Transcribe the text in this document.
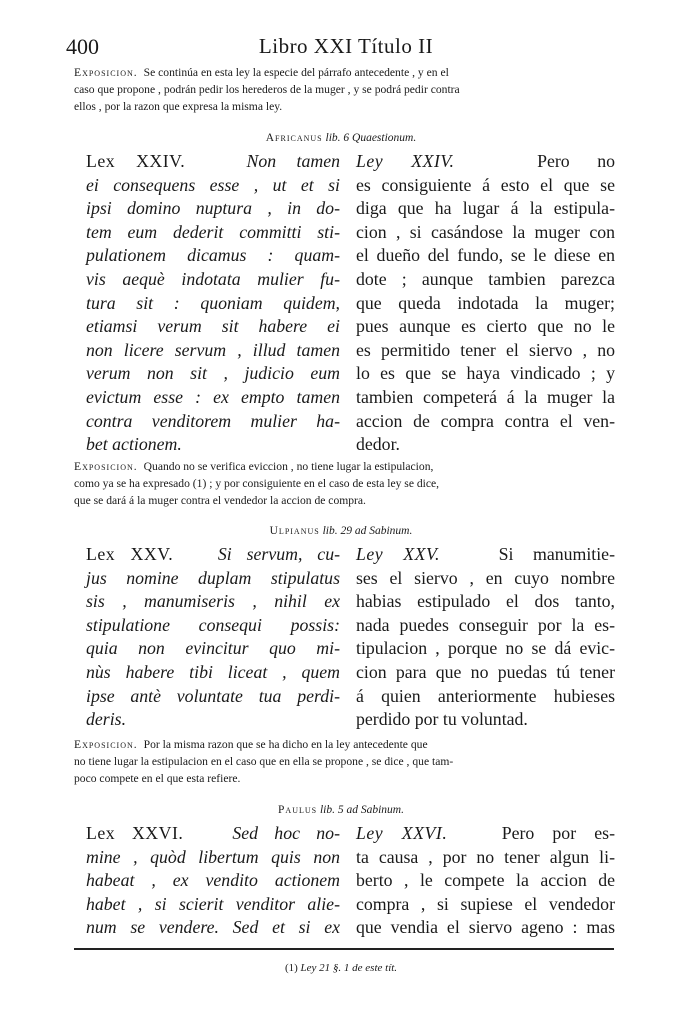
400	Libro XXI Título II
Exposicion. Se continúa en esta ley la especie del párrafo antecedente , y en el
caso que propone , podrán pedir los herederos de la muger , y se podrá pedir contra
ellos , por la razon que expresa la misma ley.
Africanus lib. 6 Quaestionum.
Lex XXIV.	Non tamen
ei consequens esse , ut et si
ipsi domino nuptura , in do-
tem eum dederit committi sti-
pulationem dicamus : quam-
vis aequè indotata mulier fu-
tura sit : quoniam quidem,
etiamsi verum sit habere ei
non licere servum , illud tamen
verum non sit , judicio eum
evictum esse : ex empto tamen
contra venditorem mulier ha-
bet actionem.
Ley XXIV.	Pero no
es consiguiente á esto el que se
diga que ha lugar á la estipula-
cion , si casándose la muger con
el dueño del fundo, se le diese en
dote ; aunque tambien parezca
que queda indotada la muger;
pues aunque es cierto que no le
es permitido tener el siervo , no
lo es que se haya vindicado ; y
tambien competerá á la muger la
accion de compra contra el ven-
dedor.
Exposicion. Quando no se verifica eviccion , no tiene lugar la estipulacion,
como ya se ha expresado (1) ; y por consiguiente en el caso de esta ley se dice,
que se dará á la muger contra el vendedor la accion de compra.
Ulpianus lib. 29 ad Sabinum.
Lex XXV.	Si servum, cu-
jus nomine duplam stipulatus
sis , manumiseris , nihil ex
stipulatione consequi possis:
quia non evincitur quo mi-
nùs habere tibi liceat , quem
ipse antè voluntate tua perdi-
deris.
Ley XXV.	Si manumitie-
ses el siervo , en cuyo nombre
habias estipulado el dos tanto,
nada puedes conseguir por la es-
tipulacion , porque no se dá evic-
cion para que no puedas tú tener
á quien anteriormente hubieses
perdido por tu voluntad.
Exposicion. Por la misma razon que se ha dicho en la ley antecedente que
no tiene lugar la estipulacion en el caso que en ella se propone , se dice , que tam-
poco compete en el que esta refiere.
Paulus lib. 5 ad Sabinum.
Lex XXVI.	Sed hoc no-
mine , quòd libertum quis non
habeat , ex vendito actionem
habet , si scierit venditor alie-
num se vendere. Sed et si ex
Ley XXVI.	Pero por es-
ta causa , por no tener algun li-
berto , le compete la accion de
compra , si supiese el vendedor
que vendia el siervo ageno : mas
(1) Ley 21 §. 1 de este tít.
